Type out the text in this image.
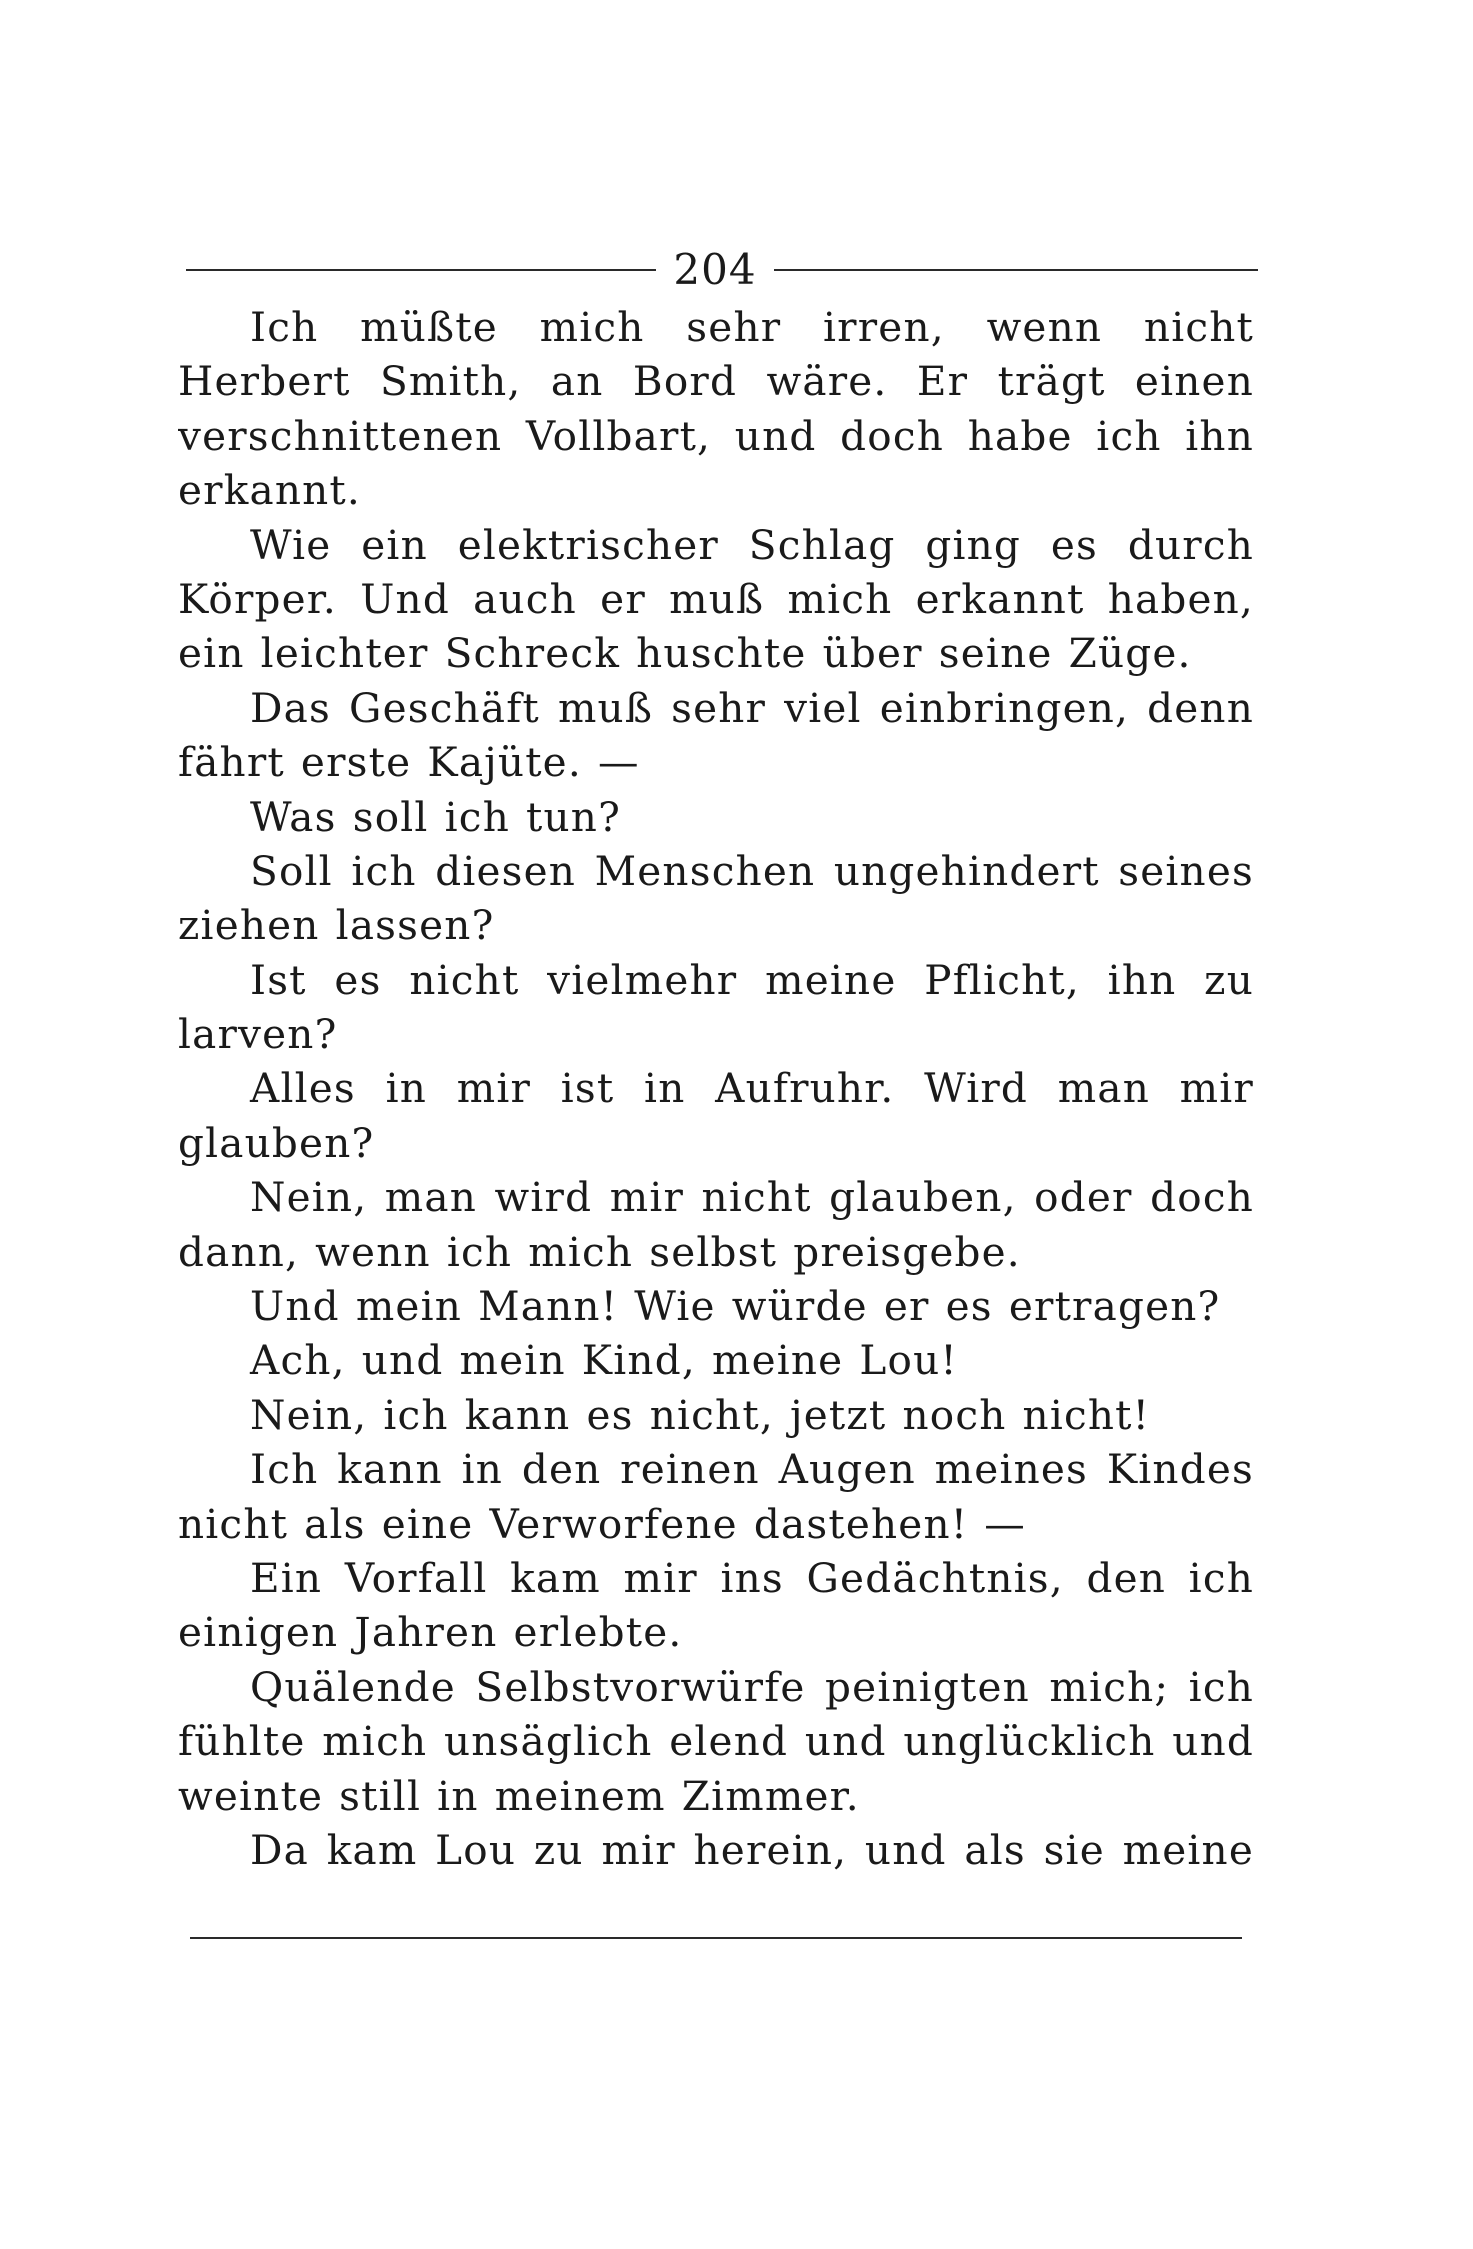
204
Ich müßte mich sehr irren, wenn nicht
Herbert Smith, an Bord wäre. Er trägt einen
verschnittenen Vollbart, und doch habe ich ihn
erkannt.
Wie ein elektrischer Schlag ging es durch
Körper. Und auch er muß mich erkannt haben,
ein leichter Schreck huschte über seine Züge.
Das Geschäft muß sehr viel einbringen, denn
fährt erste Kajüte. —
Was soll ich tun?
Soll ich diesen Menschen ungehindert seines
ziehen lassen?
Ist es nicht vielmehr meine Pflicht, ihn zu
larven?
Alles in mir ist in Aufruhr. Wird man mir
glauben?
Nein, man wird mir nicht glauben, oder doch
dann, wenn ich mich selbst preisgebe.
Und mein Mann! Wie würde er es ertragen?
Ach, und mein Kind, meine Lou!
Nein, ich kann es nicht, jetzt noch nicht!
Ich kann in den reinen Augen meines Kindes
nicht als eine Verworfene dastehen! —
Ein Vorfall kam mir ins Gedächtnis, den ich
einigen Jahren erlebte.
Quälende Selbstvorwürfe peinigten mich; ich
fühlte mich unsäglich elend und unglücklich und
weinte still in meinem Zimmer.
Da kam Lou zu mir herein, und als sie meine
